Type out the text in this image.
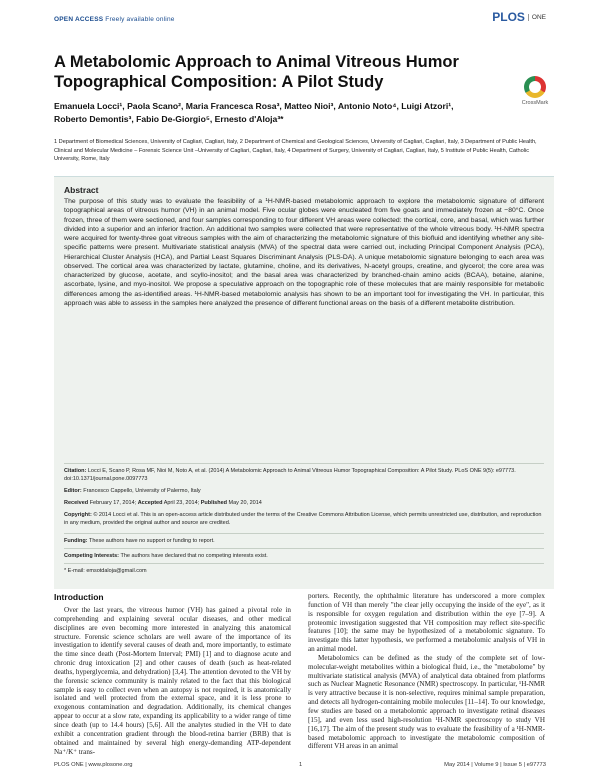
OPEN ACCESS Freely available online	PLOS ONE
A Metabolomic Approach to Animal Vitreous Humor Topographical Composition: A Pilot Study
CrossMark
Emanuela Locci¹, Paola Scano², Maria Francesca Rosa³, Matteo Nioi³, Antonio Noto⁴, Luigi Atzori¹,
Roberto Demontis³, Fabio De-Giorgio⁵, Ernesto d'Aloja³*
1 Department of Biomedical Sciences, University of Cagliari, Cagliari, Italy, 2 Department of Chemical and Geological Sciences, University of Cagliari, Cagliari, Italy, 3 Department of Public Health, Clinical and Molecular Medicine – Forensic Science Unit –University of Cagliari, Cagliari, Italy, 4 Department of Surgery, University of Cagliari, Cagliari, Italy, 5 Institute of Public Health, Catholic University, Rome, Italy
Abstract
The purpose of this study was to evaluate the feasibility of a ¹H-NMR-based metabolomic approach to explore the metabolomic signature of different topographical areas of vitreous humor (VH) in an animal model. Five ocular globes were enucleated from five goats and immediately frozen at −80°C. Once frozen, three of them were sectioned, and four samples corresponding to four different VH areas were collected: the cortical, core, and basal, which was further divided into a superior and an inferior fraction. An additional two samples were collected that were representative of the whole vitreous body. ¹H-NMR spectra were acquired for twenty-three goat vitreous samples with the aim of characterizing the metabolomic signature of this biofluid and identifying whether any site-specific patterns were present. Multivariate statistical analysis (MVA) of the spectral data were carried out, including Principal Component Analysis (PCA), Hierarchical Cluster Analysis (HCA), and Partial Least Squares Discriminant Analysis (PLS-DA). A unique metabolomic signature belonging to each area was observed. The cortical area was characterized by lactate, glutamine, choline, and its derivatives, N-acetyl groups, creatine, and glycerol; the core area was characterized by glucose, acetate, and scyllo-inositol; and the basal area was characterized by branched-chain amino acids (BCAA), betaine, alanine, ascorbate, lysine, and myo-inositol. We propose a speculative approach on the topographic role of these molecules that are mainly responsible for metabolic differences among the as-identified areas. ¹H-NMR-based metabolomic analysis has shown to be an important tool for investigating the VH. In particular, this approach was able to assess in the samples here analyzed the presence of different functional areas on the basis of a different metabolite distribution.
Citation: Locci E, Scano P, Rosa MF, Nioi M, Noto A, et al. (2014) A Metabolomic Approach to Animal Vitreous Humor Topographical Composition: A Pilot Study. PLoS ONE 9(5): e97773. doi:10.1371/journal.pone.0097773
Editor: Francesco Cappello, University of Palermo, Italy
Received February 17, 2014; Accepted April 23, 2014; Published May 20, 2014
Copyright: © 2014 Locci et al. This is an open-access article distributed under the terms of the Creative Commons Attribution License, which permits unrestricted use, distribution, and reproduction in any medium, provided the original author and source are credited.
Funding: These authors have no support or funding to report.
Competing Interests: The authors have declared that no competing interests exist.
* E-mail: emsotdaloja@gmail.com
Introduction

Over the last years, the vitreous humor (VH) has gained a pivotal role in comprehending and explaining several ocular diseases, and other medical disciplines are even becoming more interested in analyzing this anatomical structure. Forensic science scholars are well aware of the importance of its investigation to identify several causes of death and, more importantly, to estimate the time since death (Post-Mortem Interval; PMI) [1] and to diagnose acute and chronic drug intoxication [2] and other causes of death (such as heat-related deaths, hyperglycemia, and dehydration) [3,4]. The attention devoted to the VH by the forensic science community is mainly related to the fact that this biological sample is easy to collect even when an autopsy is not required, it is anatomically isolated and well protected from the external space, and it is less prone to exogenous contamination and degradation. Additionally, its chemical changes appear to occur at a slow rate, expanding its applicability to a wider range of time since death (up to 14.4 hours) [5,6]. All the analytes studied in the VH to date exhibit a concentration gradient through the blood-retina barrier (BRB) that is obtained and maintained by several high energy-demanding ATP-dependent Na⁺/K⁺ trans-

porters. Recently, the ophthalmic literature has underscored a more complex function of VH than merely "the clear jelly occupying the inside of the eye", as it is responsible for oxygen regulation and distribution within the eye [7–9]. A proteomic investigation suggested that VH composition may reflect site-specific features [10]; the same may be hypothesized of a metabolomic signature. To investigate this latter hypothesis, we performed a metabolomic analysis of VH in an animal model.

Metabolomics can be defined as the study of the complete set of low-molecular-weight metabolites within a biological fluid, i.e., the "metabolome" by multivariate statistical analysis (MVA) of analytical data obtained from platforms such as Nuclear Magnetic Resonance (NMR) spectroscopy. In particular, ¹H-NMR is very attractive because it is non-selective, requires minimal sample preparation, and detects all hydrogen-containing mobile molecules [11–14]. To our knowledge, few studies are based on a metabolomic approach to investigate retinal diseases [15], and even less used high-resolution ¹H-NMR spectroscopy to study VH [16,17]. The aim of the present study was to evaluate the feasibility of a ¹H-NMR-based metabolomic approach to investigate the metabolomic composition of different VH areas in an animal

PLOS ONE | www.plosone.org	1	May 2014 | Volume 9 | Issue 5 | e97773
